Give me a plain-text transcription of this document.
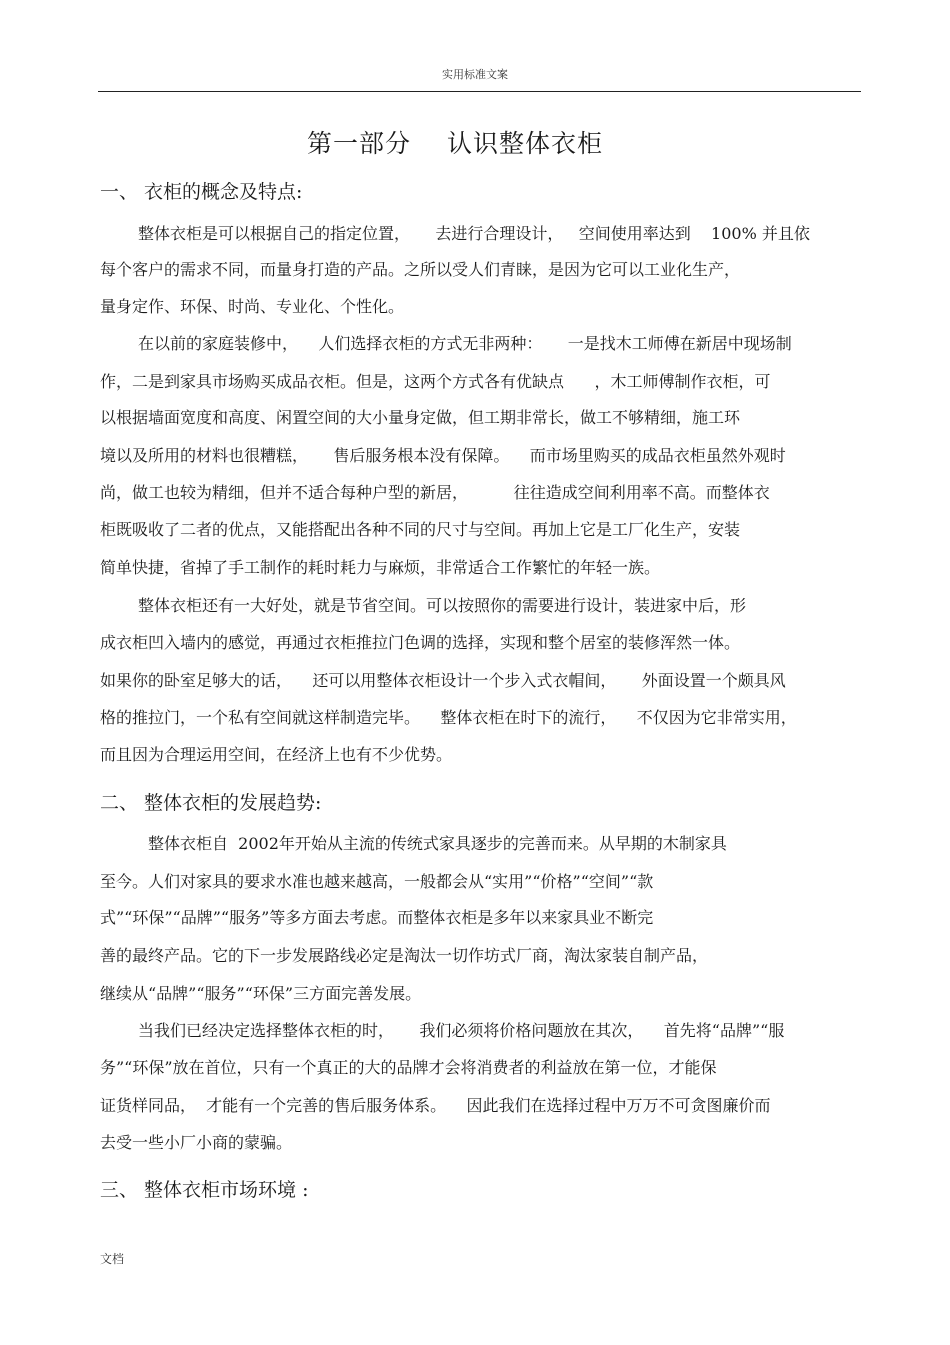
实用标准文案
第一部分 认识整体衣柜
一、 衣柜的概念及特点:
整体衣柜是可以根据自己的指定位置，     去进行合理设计，   空间使用率达到    100% 并且依
每个客户的需求不同，而量身打造的产品。之所以受人们青睐，是因为它可以工业化生产，
量身定作、环保、时尚、专业化、个性化。
在以前的家庭装修中，    人们选择衣柜的方式无非两种：     一是找木工师傅在新居中现场制
作，二是到家具市场购买成品衣柜。但是，这两个方式各有优缺点      ，木工师傅制作衣柜，可
以根据墙面宽度和高度、闲置空间的大小量身定做，但工期非常长，做工不够精细，施工环
境以及所用的材料也很糟糕，     售后服务根本没有保障。    而市场里购买的成品衣柜虽然外观时
尚，做工也较为精细，但并不适合每种户型的新居，         往往造成空间利用率不高。而整体衣
柜既吸收了二者的优点，又能搭配出各种不同的尺寸与空间。再加上它是工厂化生产，安装
简单快捷，省掉了手工制作的耗时耗力与麻烦，非常适合工作繁忙的年轻一族。
整体衣柜还有一大好处，就是节省空间。可以按照你的需要进行设计，装进家中后，形
成衣柜凹入墙内的感觉，再通过衣柜推拉门色调的选择，实现和整个居室的装修浑然一体。
如果你的卧室足够大的话，    还可以用整体衣柜设计一个步入式衣帽间，     外面设置一个颇具风
格的推拉门，一个私有空间就这样制造完毕。    整体衣柜在时下的流行，    不仅因为它非常实用，
而且因为合理运用空间，在经济上也有不少优势。
二、 整体衣柜的发展趋势:
整体衣柜自  2002年开始从主流的传统式家具逐步的完善而来。从早期的木制家具
至今。人们对家具的要求水准也越来越高，一般都会从“实用”“价格”“空间”“款
式”“环保”“品牌”“服务”等多方面去考虑。而整体衣柜是多年以来家具业不断完
善的最终产品。它的下一步发展路线必定是淘汰一切作坊式厂商，淘汰家装自制产品，
继续从“品牌”“服务”“环保”三方面完善发展。
当我们已经决定选择整体衣柜的时，     我们必须将价格问题放在其次，    首先将“品牌”“服
务”“环保”放在首位，只有一个真正的大的品牌才会将消费者的利益放在第一位，才能保
证货样同品，  才能有一个完善的售后服务体系。    因此我们在选择过程中万万不可贪图廉价而
去受一些小厂小商的蒙骗。
三、 整体衣柜市场环境 :
文档
